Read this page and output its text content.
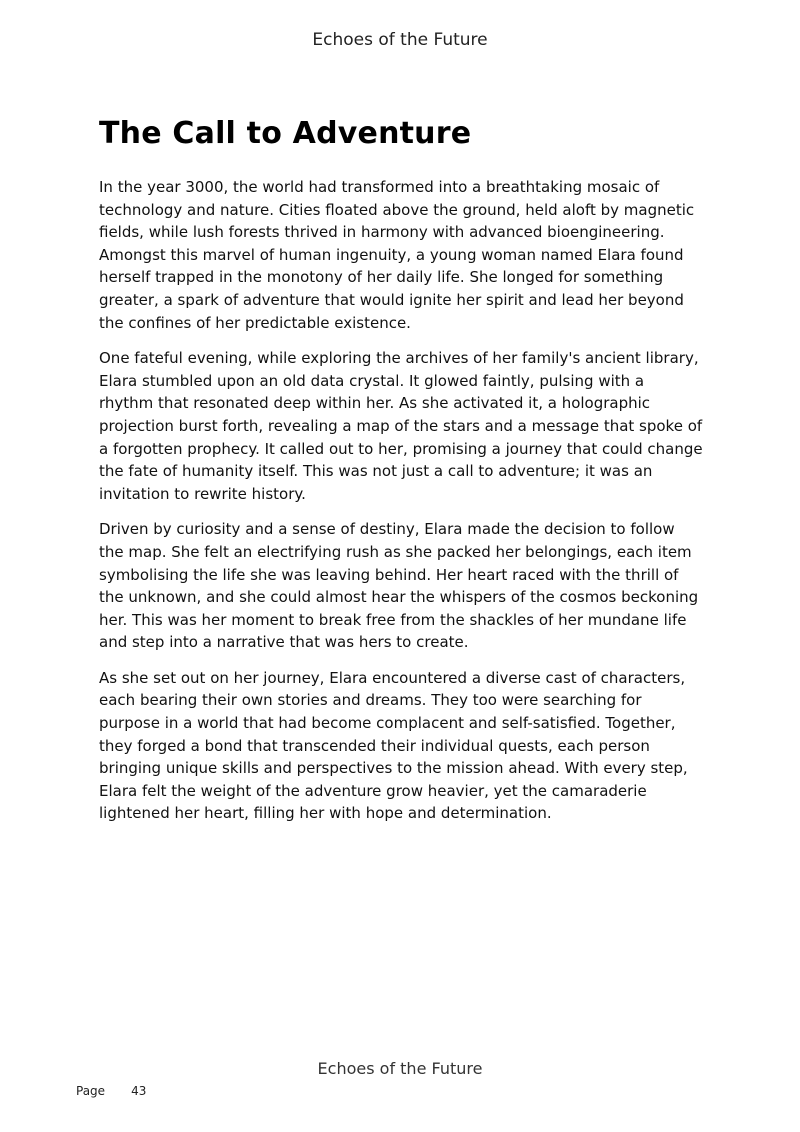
Echoes of the Future
The Call to Adventure

In the year 3000, the world had transformed into a breathtaking mosaic of technology and nature. Cities floated above the ground, held aloft by magnetic fields, while lush forests thrived in harmony with advanced bioengineering. Amongst this marvel of human ingenuity, a young woman named Elara found herself trapped in the monotony of her daily life. She longed for something greater, a spark of adventure that would ignite her spirit and lead her beyond the confines of her predictable existence.

One fateful evening, while exploring the archives of her family's ancient library, Elara stumbled upon an old data crystal. It glowed faintly, pulsing with a rhythm that resonated deep within her. As she activated it, a holographic projection burst forth, revealing a map of the stars and a message that spoke of a forgotten prophecy. It called out to her, promising a journey that could change the fate of humanity itself. This was not just a call to adventure; it was an invitation to rewrite history.

Driven by curiosity and a sense of destiny, Elara made the decision to follow the map. She felt an electrifying rush as she packed her belongings, each item symbolising the life she was leaving behind. Her heart raced with the thrill of the unknown, and she could almost hear the whispers of the cosmos beckoning her. This was her moment to break free from the shackles of her mundane life and step into a narrative that was hers to create.

As she set out on her journey, Elara encountered a diverse cast of characters, each bearing their own stories and dreams. They too were searching for purpose in a world that had become complacent and self-satisfied. Together, they forged a bond that transcended their individual quests, each person bringing unique skills and perspectives to the mission ahead. With every step, Elara felt the weight of the adventure grow heavier, yet the camaraderie lightened her heart, filling her with hope and determination.

Echoes of the Future
Page 43
